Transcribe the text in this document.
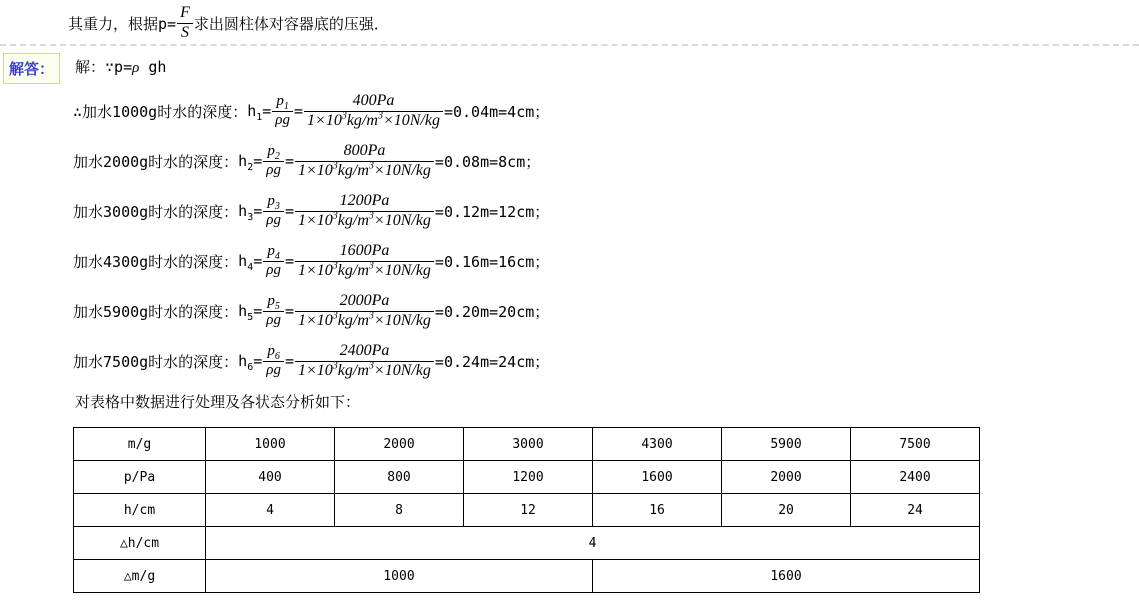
其重力，根据$p= \frac{F}{S}$ 求出圆柱体对容器底的压强．
解答：	解：∵p=ρ gh
∴加水1000g时水的深度： $h_1 = \frac{p_1}{\rho g} = \frac{400Pa}{1\times 10^3kg/m^3\times 10N/kg} =0.04m=4cm$；
加水2000g时水的深度： $h_2 = \frac{p_2}{\rho g} = \frac{800Pa}{1\times 10^3kg/m^3\times 10N/kg} =0.08m=8cm$；
加水3000g时水的深度： $h_3 = \frac{p_3}{\rho g} = \frac{1200Pa}{1\times 10^3kg/m^3\times 10N/kg} =0.12m=12cm$；
加水4300g时水的深度： $h_4 = \frac{p_4}{\rho g} = \frac{1600Pa}{1\times 10^3kg/m^3\times 10N/kg} =0.16m=16cm$；
加水5900g时水的深度： $h_5 = \frac{p_5}{\rho g} = \frac{2000Pa}{1\times 10^3kg/m^3\times 10N/kg} =0.20m=20cm$；
加水7500g时水的深度： $h_6 = \frac{p_6}{\rho g} = \frac{2400Pa}{1\times 10^3kg/m^3\times 10N/kg} =0.24m=24cm$；
对表格中数据进行处理及各状态分析如下：
m/g	1000	2000	3000	4300	5900	7500
p/Pa	400	800	1200	1600	2000	2400
h/cm	4	8	12	16	20	24
△h/cm	4					
△m/g	1000			1600		
